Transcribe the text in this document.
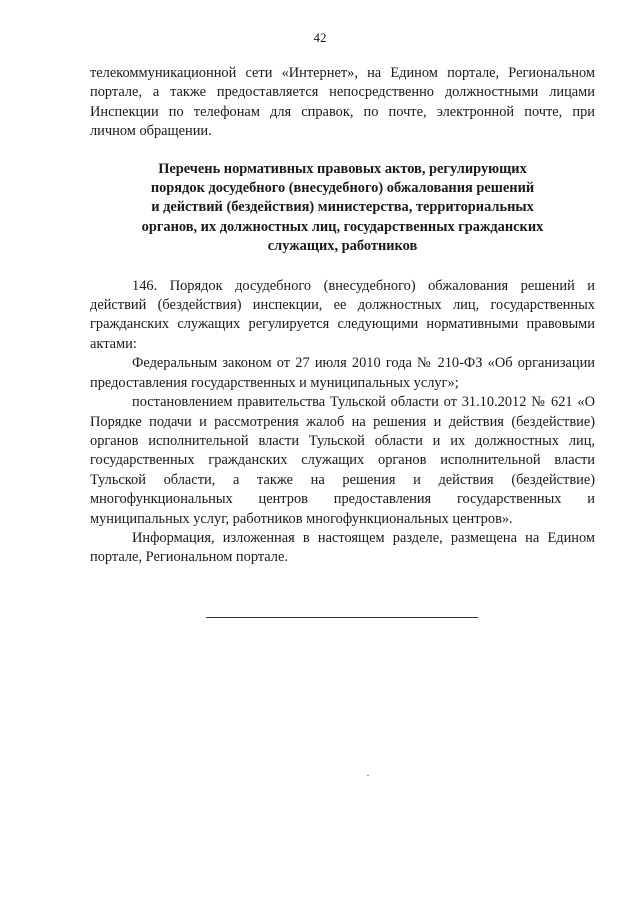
42

телекоммуникационной сети «Интернет», на Едином портале, Региональном

портале, а также предоставляется непосредственно должностными лицами

Инспекции по телефонам для справок, по почте, электронной почте, при

личном обращении.

Перечень нормативных правовых актов, регулирующих
порядок досудебного (внесудебного) обжалования решений
и действий (бездействия) министерства, территориальных
органов, их должностных лиц, государственных гражданских
служащих, работников

146. Порядок досудебного (внесудебного) обжалования решений и действий (бездействия) инспекции, ее должностных лиц, государственных гражданских служащих регулируется следующими нормативными правовыми актами:

Федеральным законом от 27 июля 2010 года № 210-ФЗ «Об организации предоставления государственных и муниципальных услуг»;

постановлением правительства Тульской области от 31.10.2012 № 621 «О Порядке подачи и рассмотрения жалоб на решения и действия (бездействие) органов исполнительной власти Тульской области и их должностных лиц, государственных гражданских служащих органов исполнительной власти Тульской области, а также на решения и действия (бездействие) многофункциональных центров предоставления государственных и муниципальных услуг, работников многофункциональных центров».

Информация, изложенная в настоящем разделе, размещена на Едином портале, Региональном портале.
